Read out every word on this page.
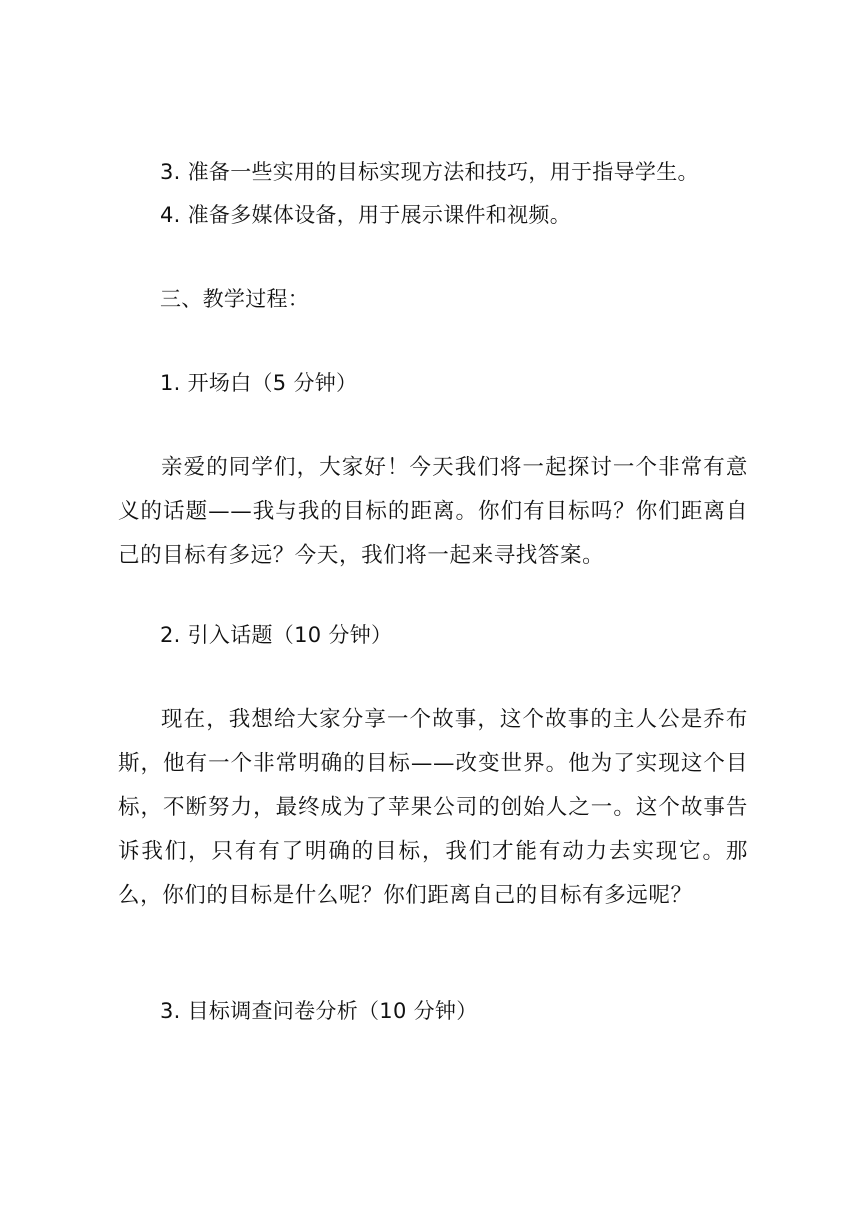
3. 准备一些实用的目标实现方法和技巧，用于指导学生。
4. 准备多媒体设备，用于展示课件和视频。
三、教学过程：
1. 开场白（5 分钟）

亲爱的同学们，大家好！今天我们将一起探讨一个非常有意义的话题——我与我的目标的距离。你们有目标吗？你们距离自己的目标有多远？今天，我们将一起来寻找答案。

2. 引入话题（10 分钟）

现在，我想给大家分享一个故事，这个故事的主人公是乔布斯，他有一个非常明确的目标——改变世界。他为了实现这个目标，不断努力，最终成为了苹果公司的创始人之一。这个故事告诉我们，只有有了明确的目标，我们才能有动力去实现它。那么，你们的目标是什么呢？你们距离自己的目标有多远呢？

3. 目标调查问卷分析（10 分钟）
